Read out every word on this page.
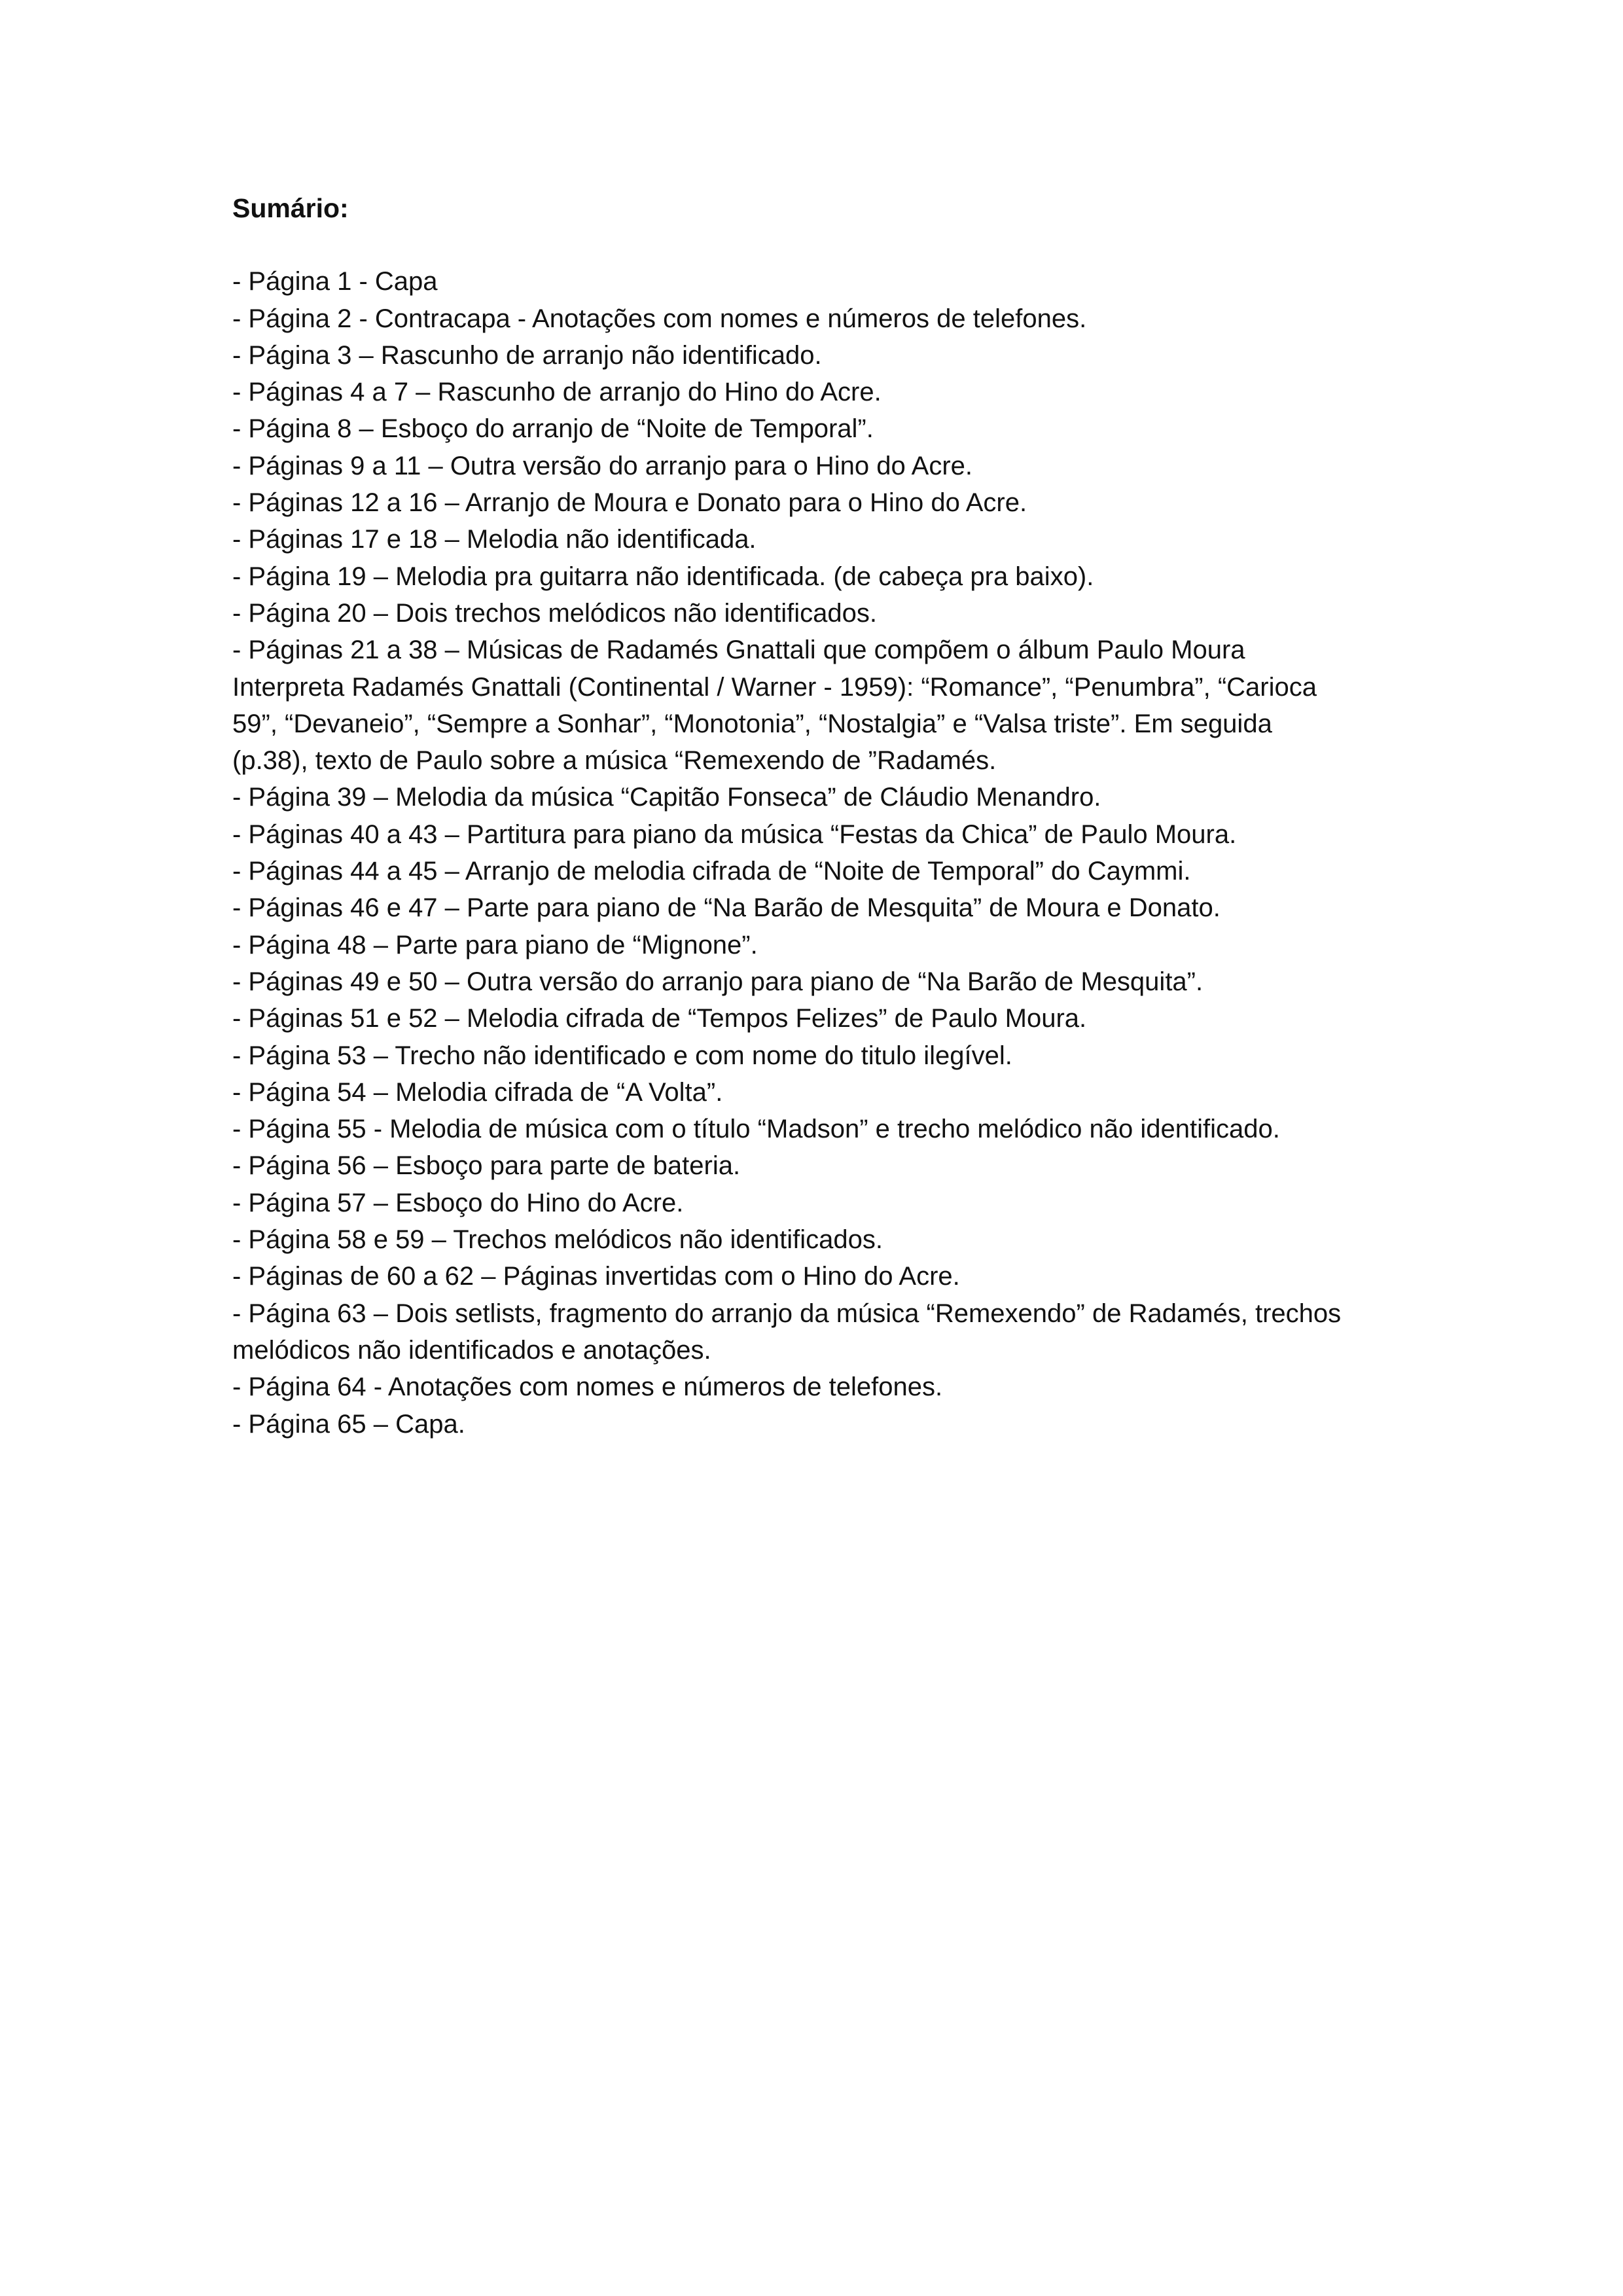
Sumário:

- Página 1 - Capa

- Página 2 - Contracapa - Anotações com nomes e números de telefones.

- Página 3 – Rascunho de arranjo não identificado.

- Páginas 4 a 7 – Rascunho de arranjo do Hino do Acre.

- Página 8 – Esboço do arranjo de “Noite de Temporal”.

- Páginas 9 a 11 – Outra versão do arranjo para o Hino do Acre.

- Páginas 12 a 16 – Arranjo de Moura e Donato para o Hino do Acre.

- Páginas 17 e 18 – Melodia não identificada.

- Página 19 – Melodia pra guitarra não identificada. (de cabeça pra baixo).

- Página 20 – Dois trechos melódicos não identificados.

- Páginas 21 a 38 – Músicas de Radamés Gnattali que compõem o álbum Paulo Moura

Interpreta Radamés Gnattali (Continental / Warner - 1959): “Romance”, “Penumbra”, “Carioca

59”, “Devaneio”, “Sempre a Sonhar”, “Monotonia”, “Nostalgia” e “Valsa triste”. Em seguida

(p.38), texto de Paulo sobre a música “Remexendo de ”Radamés.

- Página 39 – Melodia da música “Capitão Fonseca” de Cláudio Menandro.

- Páginas 40 a 43 – Partitura para piano da música “Festas da Chica” de Paulo Moura.

- Páginas 44 a 45 – Arranjo de melodia cifrada de “Noite de Temporal” do Caymmi.

- Páginas 46 e 47 – Parte para piano de “Na Barão de Mesquita” de Moura e Donato.

- Página 48 – Parte para piano de “Mignone”.

- Páginas 49 e 50 – Outra versão do arranjo para piano de “Na Barão de Mesquita”.

- Páginas 51 e 52 – Melodia cifrada de “Tempos Felizes” de Paulo Moura.

- Página 53 – Trecho não identificado e com nome do titulo ilegível.

- Página 54 – Melodia cifrada de “A Volta”.

- Página 55 - Melodia de música com o título “Madson” e trecho melódico não identificado.

- Página 56 – Esboço para parte de bateria.

- Página 57 – Esboço do Hino do Acre.

- Página 58 e 59 – Trechos melódicos não identificados.

- Páginas de 60 a 62 – Páginas invertidas com o Hino do Acre.

- Página 63 – Dois setlists, fragmento do arranjo da música “Remexendo” de Radamés, trechos

melódicos não identificados e anotações.

- Página 64 - Anotações com nomes e números de telefones.

- Página 65 – Capa.
